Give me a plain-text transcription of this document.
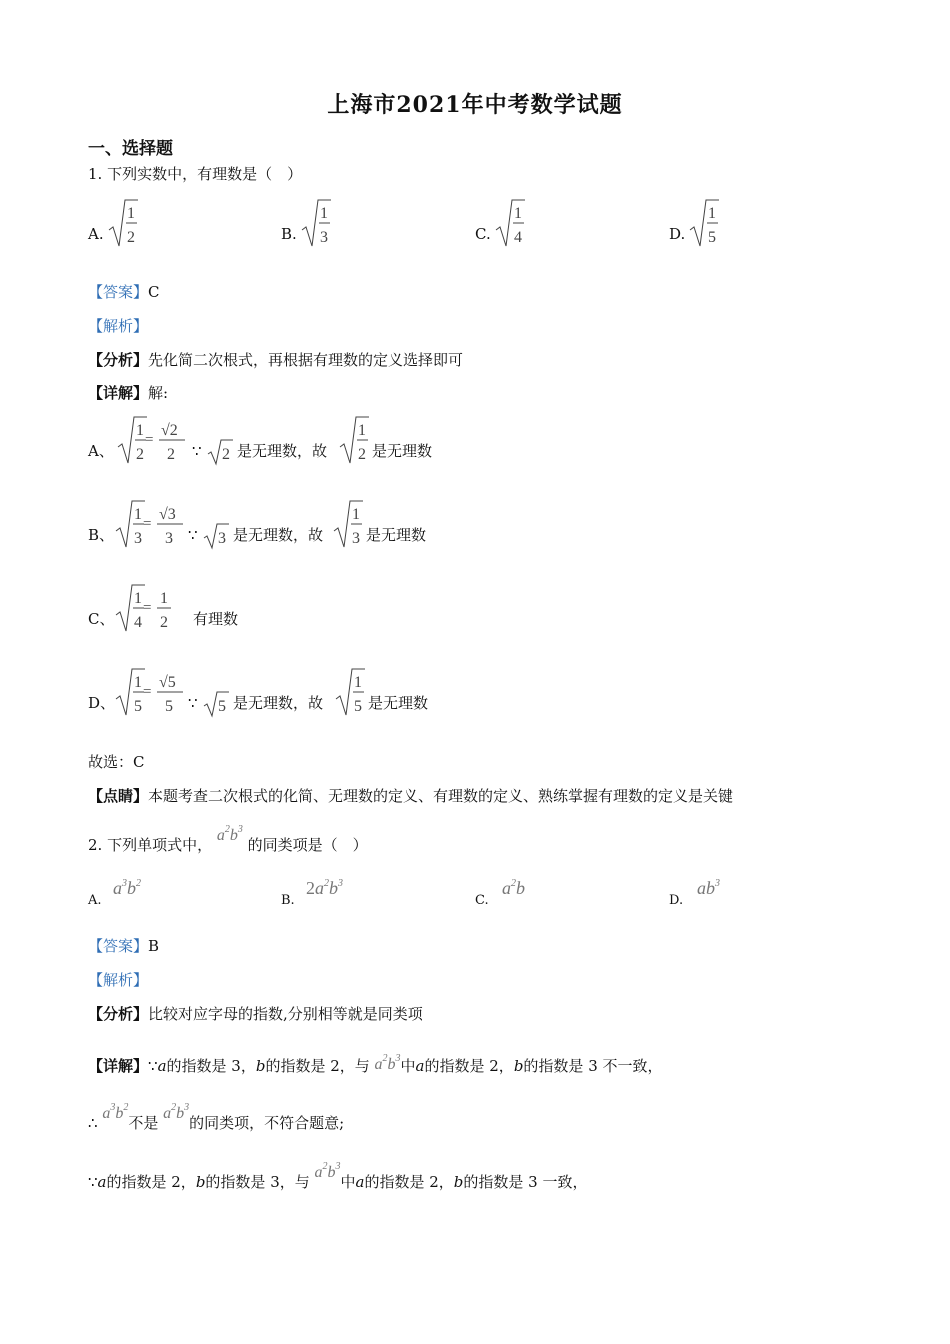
上海市2021年中考数学试题
一、选择题
1. 下列实数中，有理数是（　）
A.
1
2	B.
1
3	C.
1
4	D.
1
5
【答案】C
【解析】
【分析】先化简二次根式，再根据有理数的定义选择即可
【详解】解:
A、
1
2
=
√2
2 ∵ 2 是无理数，故
1
2 是无理数
B、
1
3
=
√3
3 ∵ 3 是无理数，故
1
3 是无理数
C、
1
4
=
1
2 有理数
D、
1
5
=
√5
5 ∵ 5 是无理数，故
1
5 是无理数
故选：C
【点睛】本题考查二次根式的化简、无理数的定义、有理数的定义、熟练掌握有理数的定义是关键
2. 下列单项式中， $a^2b^3$ 的同类项是（　）
A.
$a^3b^2$
B.
$2a^2b^3$
C.
$a^2b$
D.
$ab^3$
【答案】B
【解析】
【分析】比较对应字母的指数,分别相等就是同类项
【详解】∵a的指数是 3，b的指数是 2，与 $a^2b^3$中a的指数是 2，b的指数是 3 不一致，
∴ $a^3b^2$不是 $a^2b^3$的同类项，不符合题意;
∵a的指数是 2，b的指数是 3，与 $a^2b^3$中a的指数是 2，b的指数是 3 一致，
